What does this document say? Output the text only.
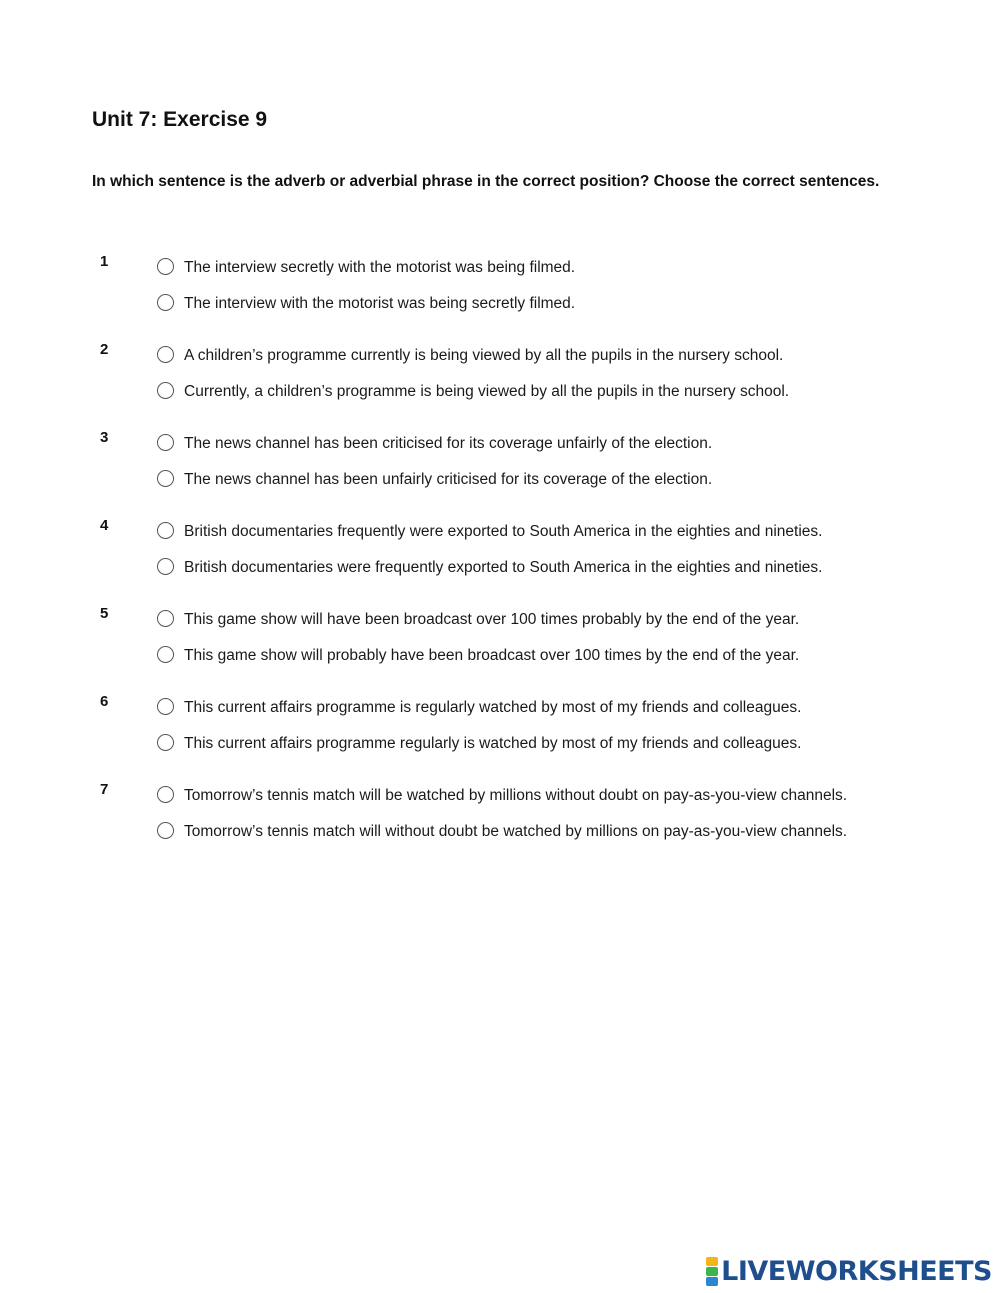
Unit 7: Exercise 9

In which sentence is the adverb or adverbial phrase in the correct position? Choose the correct sentences.

1	The interview secretly with the motorist was being filmed.
The interview with the motorist was being secretly filmed.
2	A children’s programme currently is being viewed by all the pupils in the nursery school.
Currently, a children’s programme is being viewed by all the pupils in the nursery school.
3	The news channel has been criticised for its coverage unfairly of the election.
The news channel has been unfairly criticised for its coverage of the election.
4	British documentaries frequently were exported to South America in the eighties and nineties.
British documentaries were frequently exported to South America in the eighties and nineties.
5	This game show will have been broadcast over 100 times probably by the end of the year.
This game show will probably have been broadcast over 100 times by the end of the year.
6	This current affairs programme is regularly watched by most of my friends and colleagues.
This current affairs programme regularly is watched by most of my friends and colleagues.
7	Tomorrow’s tennis match will be watched by millions without doubt on pay-as-you-view channels.
Tomorrow’s tennis match will without doubt be watched by millions on pay-as-you-view channels.
LIVEWORKSHEETS
